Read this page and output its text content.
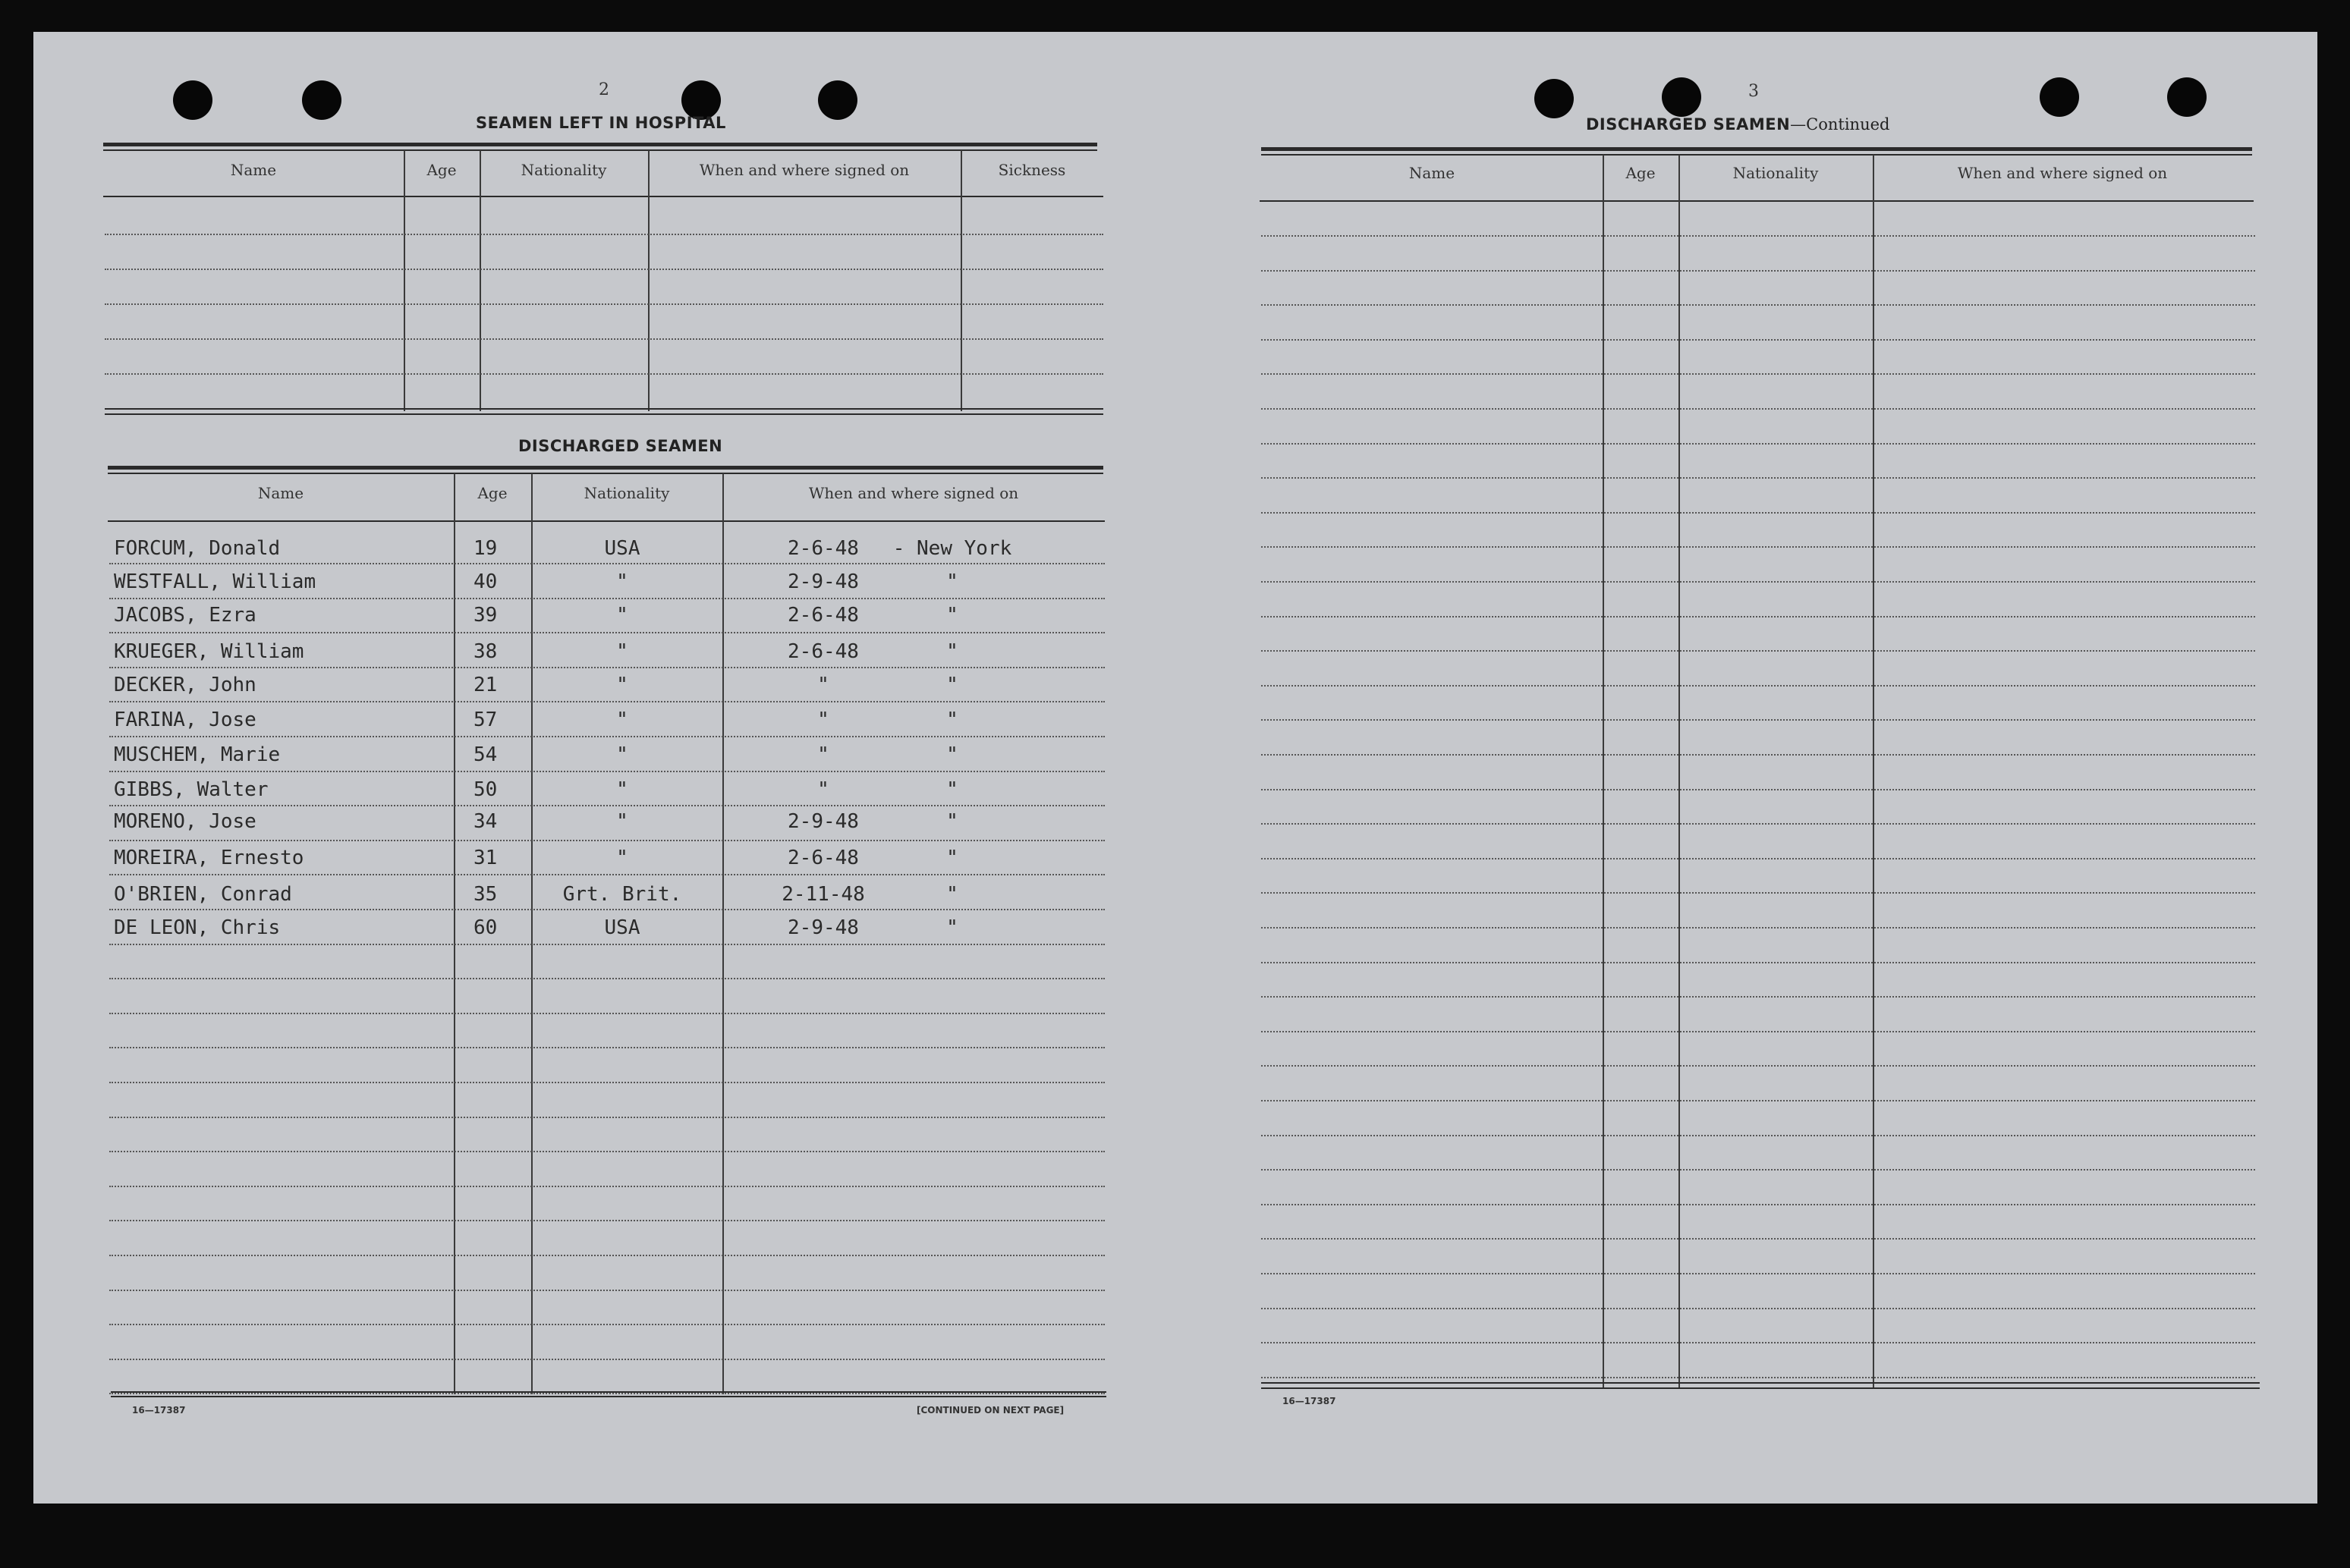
2
SEAMEN LEFT IN HOSPITAL
Name	Age	Nationality	When and where signed on	Sickness
DISCHARGED SEAMEN
Name	Age	Nationality	When and where signed on
FORCUM, Donald	19	USA	2-6-48	- New York
WESTFALL, William	40	"	2-9-48	"
JACOBS, Ezra	39	"	2-6-48	"
KRUEGER, William	38	"	2-6-48	"
DECKER, John	21	"	"	"
FARINA, Jose	57	"	"	"
MUSCHEM, Marie	54	"	"	"
GIBBS, Walter	50	"	"	"
MORENO, Jose	34	"	2-9-48	"
MOREIRA, Ernesto	31	"	2-6-48	"
O'BRIEN, Conrad	35	Grt. Brit.	2-11-48	"
DE LEON, Chris	60	USA	2-9-48	"
16—17387	[CONTINUED ON NEXT PAGE]
3
DISCHARGED SEAMEN—Continued
Name	Age	Nationality	When and where signed on
16—17387
